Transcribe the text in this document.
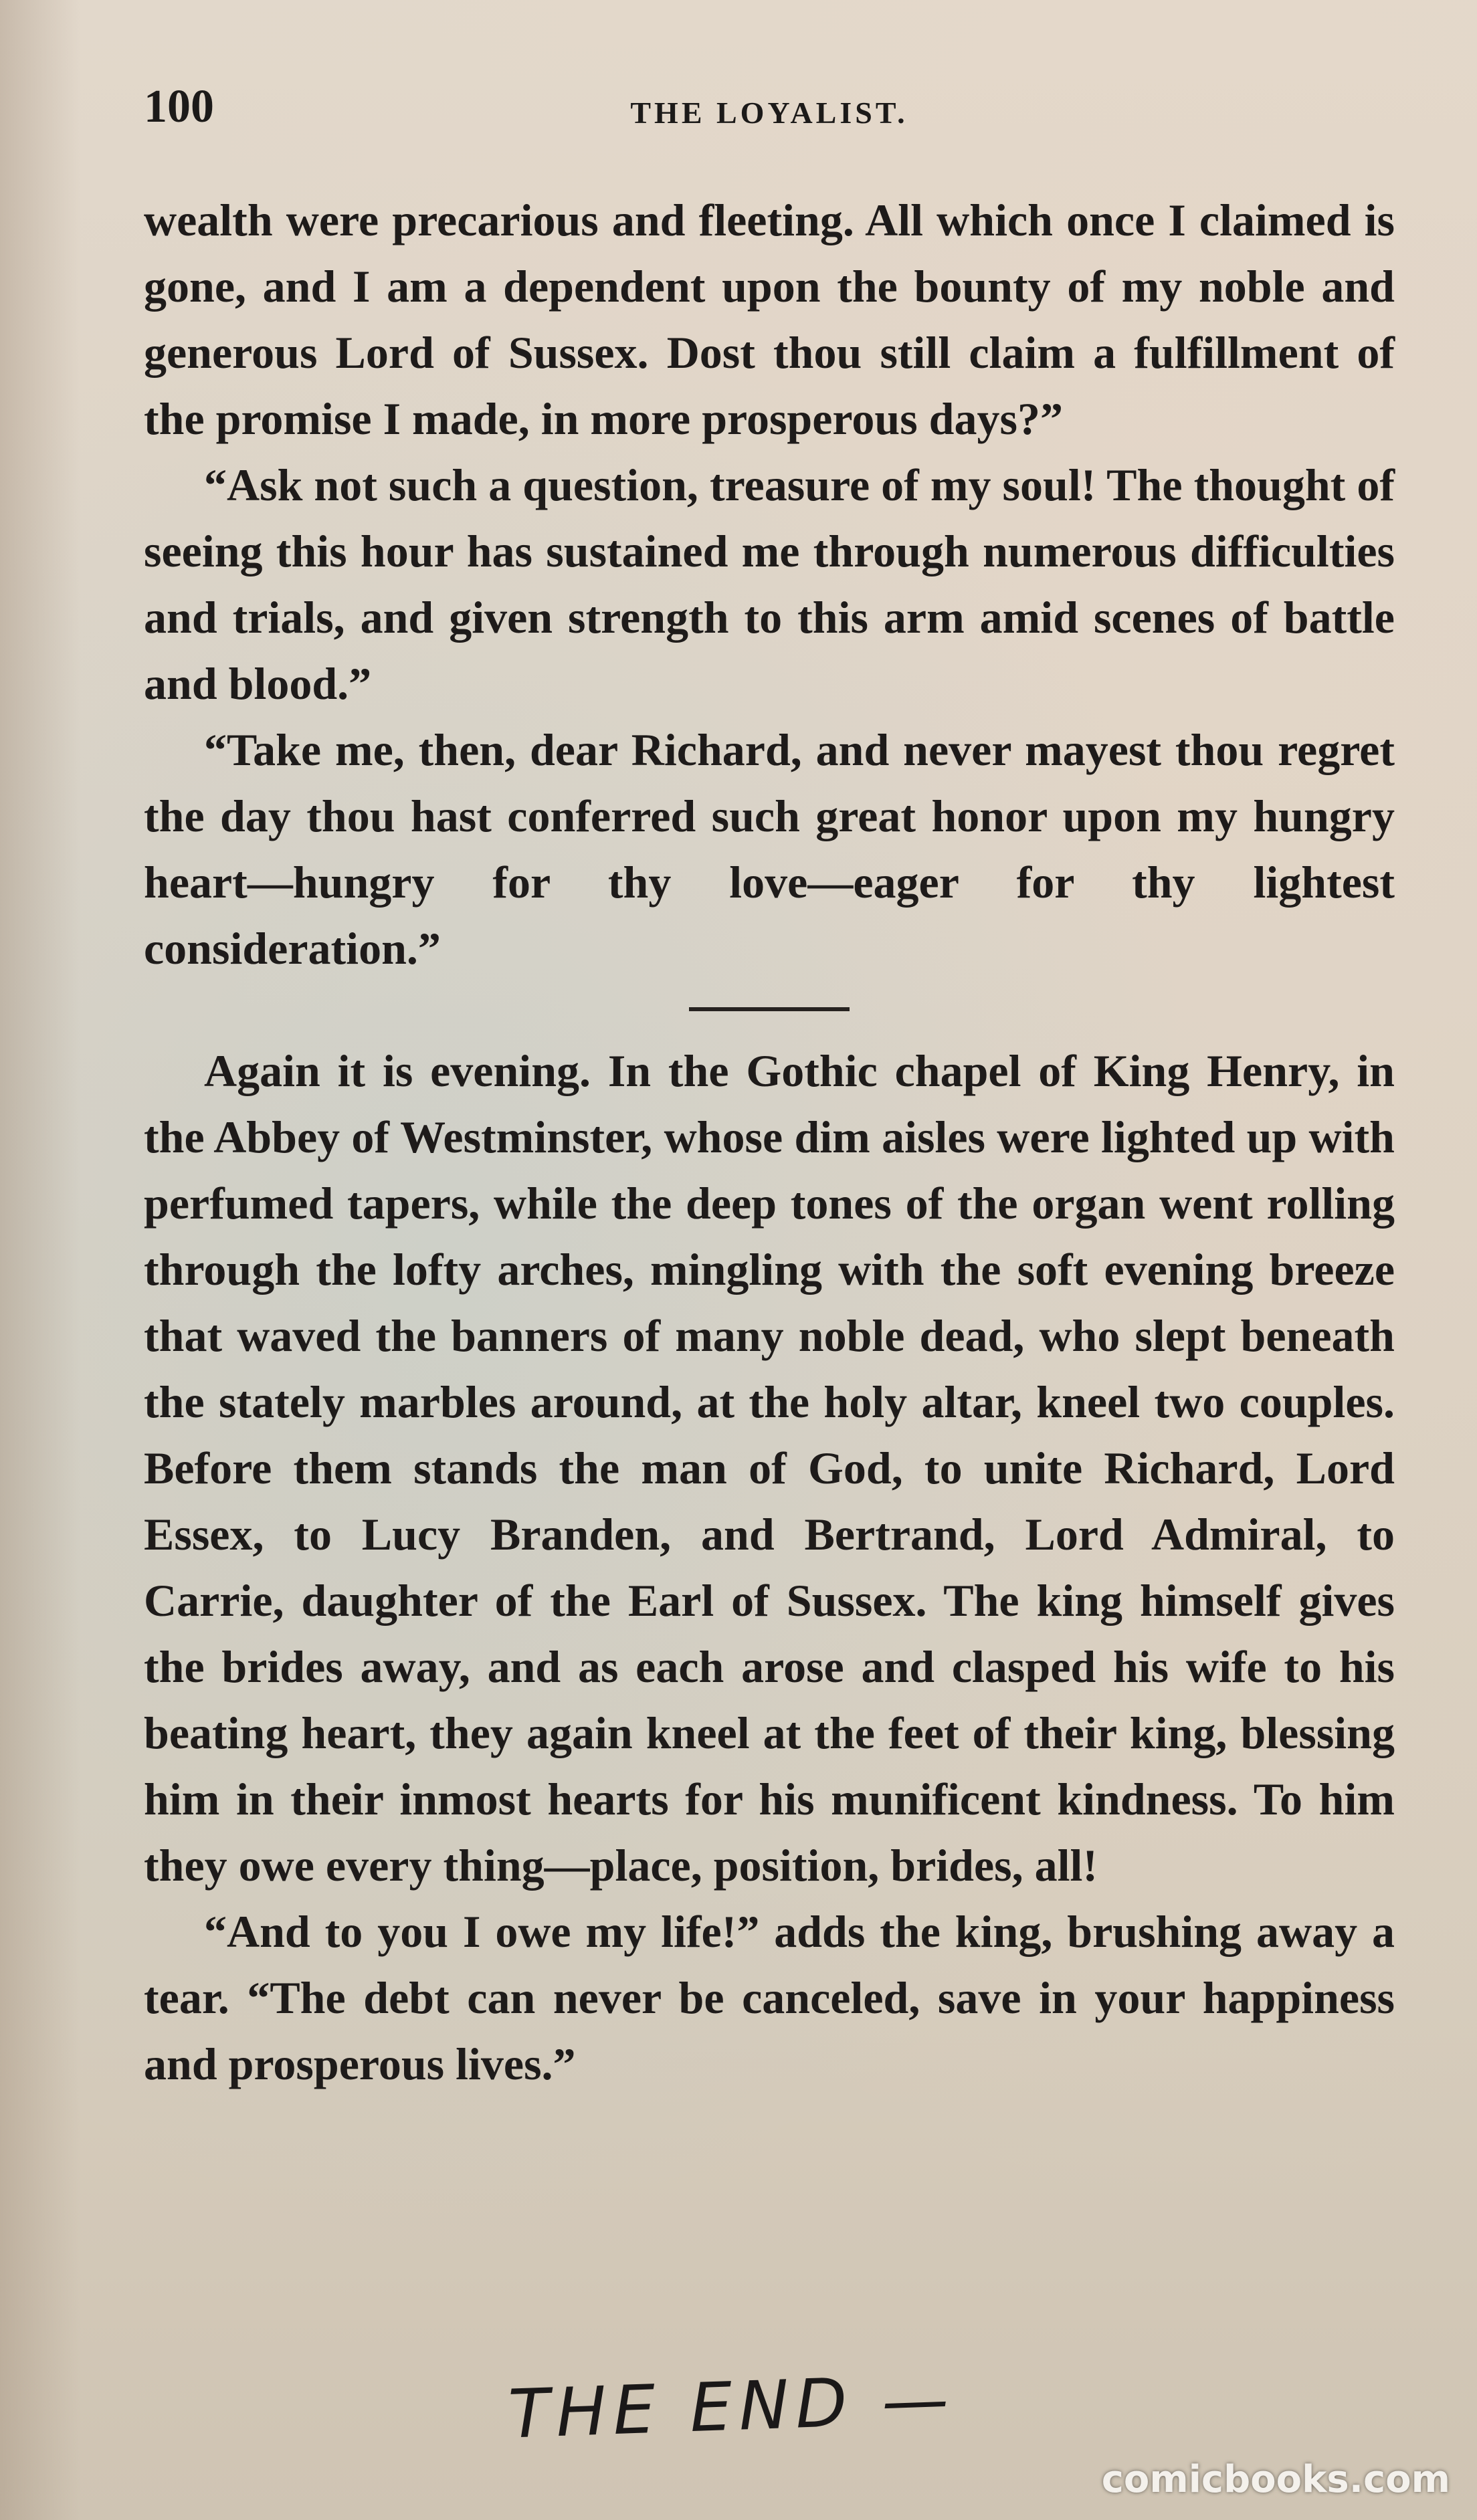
100	THE LOYALIST.

wealth were precarious and fleeting. All which once I claimed is gone, and I am a dependent upon the bounty of my noble and generous Lord of Sussex. Dost thou still claim a fulfillment of the promise I made, in more prosperous days?”

“Ask not such a question, treasure of my soul! The thought of seeing this hour has sustained me through numerous difficulties and trials, and given strength to this arm amid scenes of battle and blood.”

“Take me, then, dear Richard, and never mayest thou regret the day thou hast conferred such great honor upon my hungry heart—hungry for thy love—eager for thy lightest consideration.”

Again it is evening. In the Gothic chapel of King Henry, in the Abbey of Westminster, whose dim aisles were lighted up with perfumed tapers, while the deep tones of the organ went rolling through the lofty arches, mingling with the soft evening breeze that waved the banners of many noble dead, who slept beneath the stately marbles around, at the holy altar, kneel two couples. Before them stands the man of God, to unite Richard, Lord Essex, to Lucy Branden, and Bertrand, Lord Admiral, to Carrie, daughter of the Earl of Sussex. The king himself gives the brides away, and as each arose and clasped his wife to his beating heart, they again kneel at the feet of their king, blessing him in their inmost hearts for his munificent kindness. To him they owe every thing—place, position, brides, all!

“And to you I owe my life!” adds the king, brushing away a tear. “The debt can never be canceled, save in your happiness and prosperous lives.”

THE END —
comicbooks.com
